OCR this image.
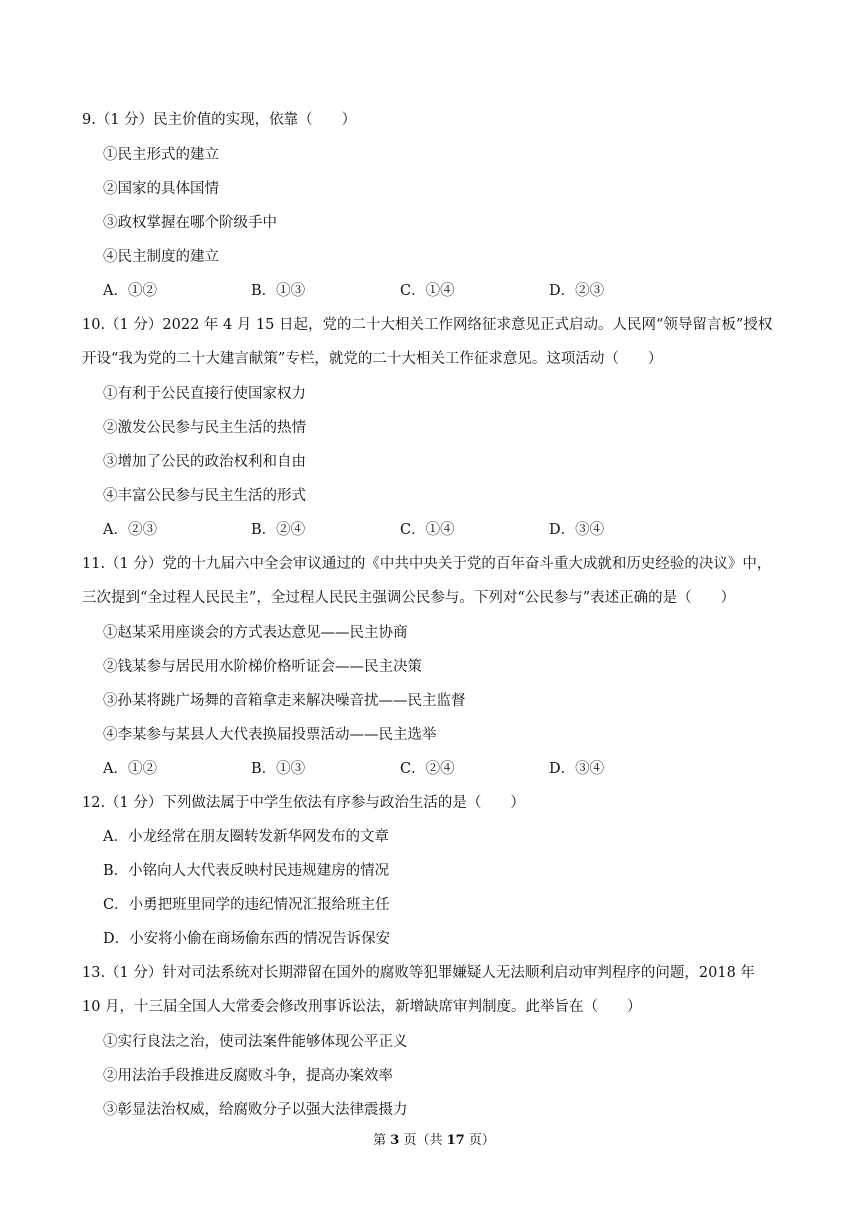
9.（1 分）民主价值的实现，依靠（　　）
①民主形式的建立
②国家的具体国情
③政权掌握在哪个阶级手中
④民主制度的建立
A．①②	B．①③	C．①④	D．②③
10.（1 分）2022 年 4 月 15 日起，党的二十大相关工作网络征求意见正式启动。人民网“领导留言板”授权
开设“我为党的二十大建言献策”专栏，就党的二十大相关工作征求意见。这项活动（　　）
①有利于公民直接行使国家权力
②激发公民参与民主生活的热情
③增加了公民的政治权利和自由
④丰富公民参与民主生活的形式
A．②③	B．②④	C．①④	D．③④
11.（1 分）党的十九届六中全会审议通过的《中共中央关于党的百年奋斗重大成就和历史经验的决议》中，
三次提到“全过程人民民主”，全过程人民民主强调公民参与。下列对“公民参与”表述正确的是（　　）
①赵某采用座谈会的方式表达意见——民主协商
②钱某参与居民用水阶梯价格听证会——民主决策
③孙某将跳广场舞的音箱拿走来解决噪音扰——民主监督
④李某参与某县人大代表换届投票活动——民主选举
A．①②	B．①③	C．②④	D．③④
12.（1 分）下列做法属于中学生依法有序参与政治生活的是（　　）
A．小龙经常在朋友圈转发新华网发布的文章
B．小铭向人大代表反映村民违规建房的情况
C．小勇把班里同学的违纪情况汇报给班主任
D．小安将小偷在商场偷东西的情况告诉保安
13.（1 分）针对司法系统对长期滞留在国外的腐败等犯罪嫌疑人无法顺利启动审判程序的问题，2018 年
10 月，十三届全国人大常委会修改刑事诉讼法，新增缺席审判制度。此举旨在（　　）
①实行良法之治，使司法案件能够体现公平正义
②用法治手段推进反腐败斗争，提高办案效率
③彰显法治权威，给腐败分子以强大法律震摄力
第 3 页（共 17 页）
